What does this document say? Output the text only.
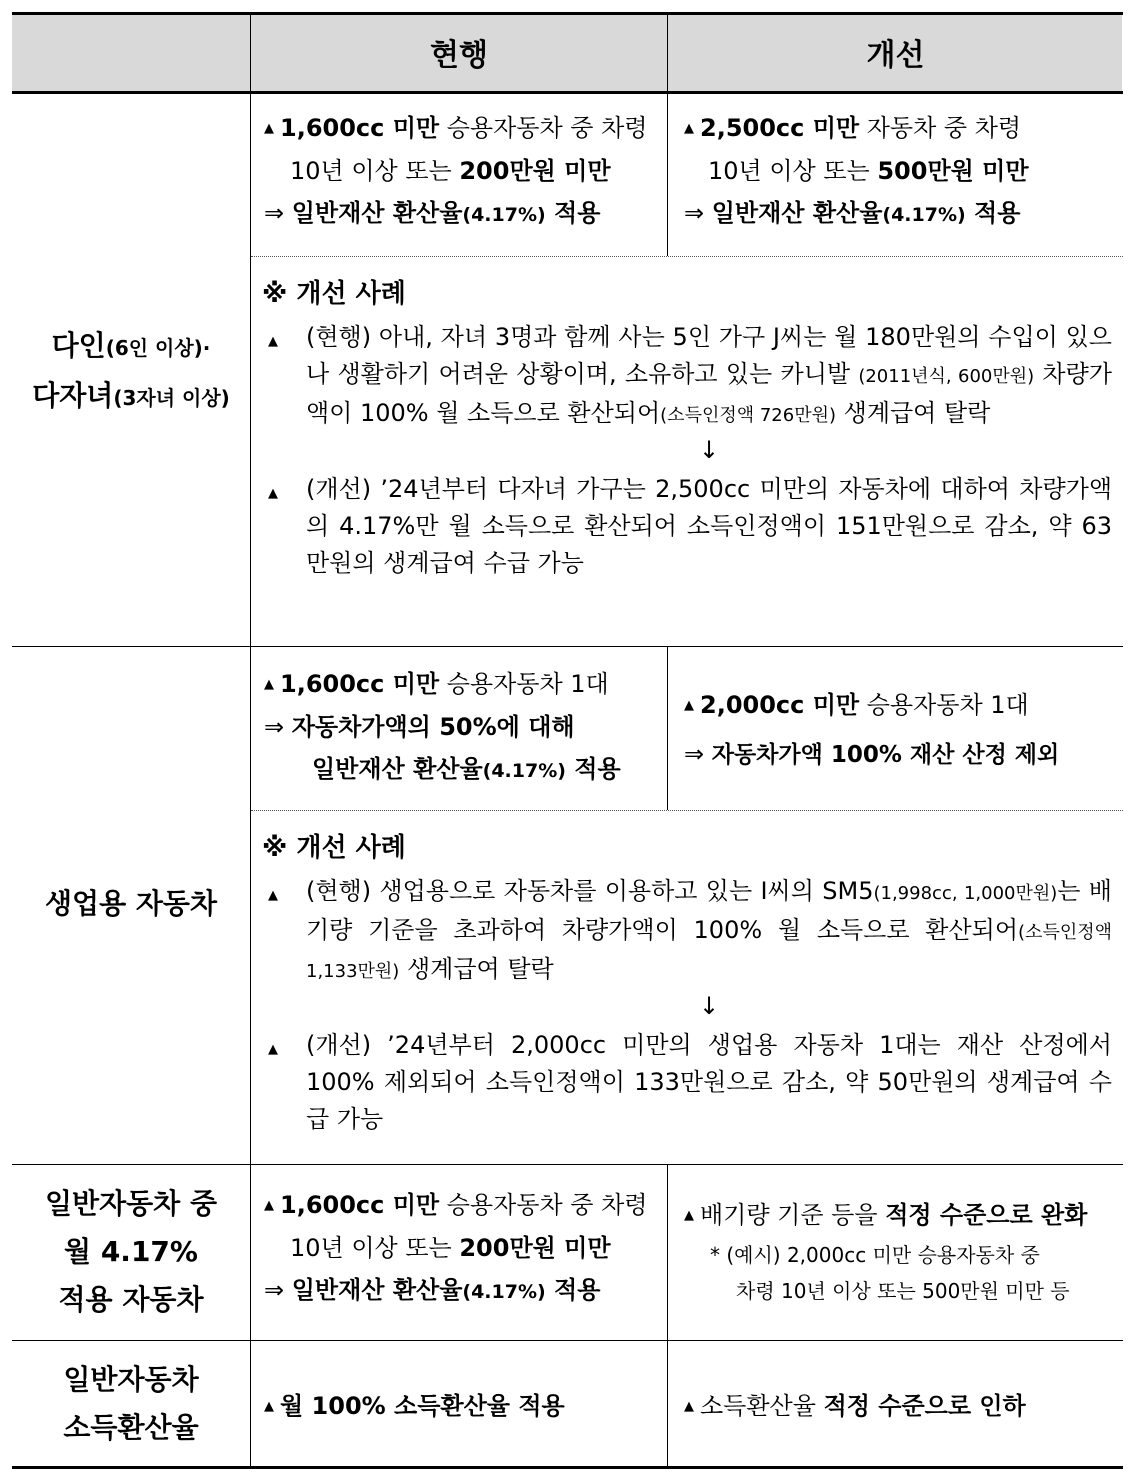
현행	개선
다인(6인 이상)·
다자녀(3자녀 이상)
▲ 1,600cc 미만 승용자동차 중 차령
10년 이상 또는 200만원 미만
⇒ 일반재산 환산율(4.17%) 적용
▲ 2,500cc 미만 자동차 중 차령
10년 이상 또는 500만원 미만
⇒ 일반재산 환산율(4.17%) 적용
※ 개선 사례
▲ (현행) 아내, 자녀 3명과 함께 사는 5인 가구 J씨는 월 180만원의 수입이 있으나 생활하기 어려운 상황이며, 소유하고 있는 카니발 (2011년식, 600만원) 차량가액이 100% 월 소득으로 환산되어(소득인정액 726만원) 생계급여 탈락
↓
▲ (개선) ’24년부터 다자녀 가구는 2,500cc 미만의 자동차에 대하여 차량가액의 4.17%만 월 소득으로 환산되어 소득인정액이 151만원으로 감소, 약 63만원의 생계급여 수급 가능
생업용 자동차
▲ 1,600cc 미만 승용자동차 1대
⇒ 자동차가액의 50%에 대해
일반재산 환산율(4.17%) 적용
▲ 2,000cc 미만 승용자동차 1대
⇒ 자동차가액 100% 재산 산정 제외
※ 개선 사례
▲ (현행) 생업용으로 자동차를 이용하고 있는 I씨의 SM5(1,998cc, 1,000만원)는 배기량 기준을 초과하여 차량가액이 100% 월 소득으로 환산되어(소득인정액 1,133만원) 생계급여 탈락
↓
▲ (개선) ’24년부터 2,000cc 미만의 생업용 자동차 1대는 재산 산정에서 100% 제외되어 소득인정액이 133만원으로 감소, 약 50만원의 생계급여 수급 가능
일반자동차 중
월 4.17%
적용 자동차
▲ 1,600cc 미만 승용자동차 중 차령
10년 이상 또는 200만원 미만
⇒ 일반재산 환산율(4.17%) 적용
▲ 배기량 기준 등을 적정 수준으로 완화
* (예시) 2,000cc 미만 승용자동차 중
차령 10년 이상 또는 500만원 미만 등
일반자동차
소득환산율
▲ 월 100% 소득환산율 적용	▲ 소득환산율 적정 수준으로 인하
